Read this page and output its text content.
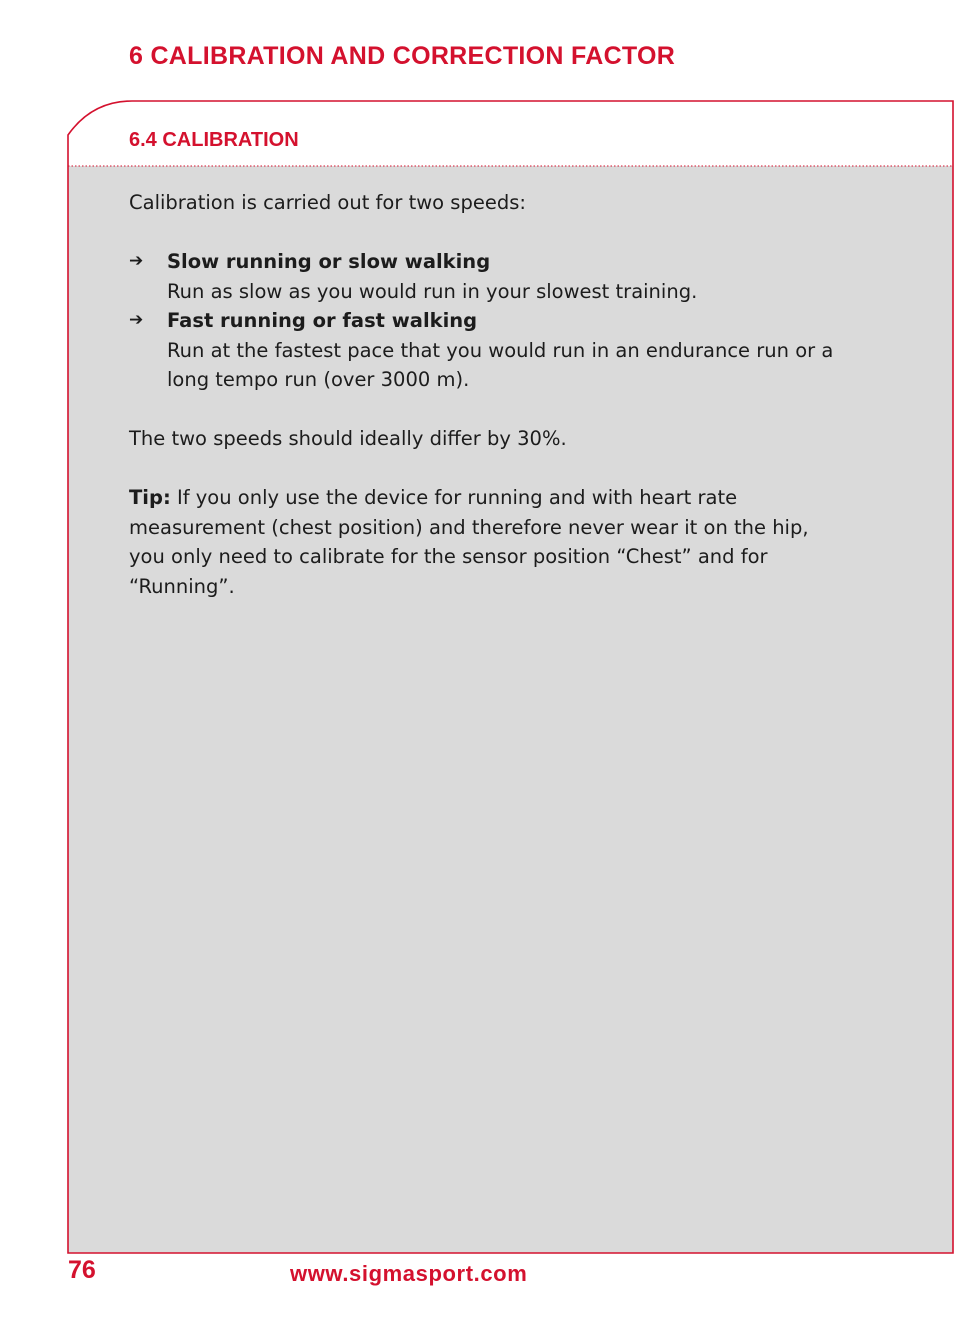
6 CALIBRATION AND CORRECTION FACTOR
6.4 CALIBRATION

Calibration is carried out for two speeds:

➔ Slow running or slow walking
Run as slow as you would run in your slowest training.
➔ Fast running or fast walking
Run at the fastest pace that you would run in an endurance run or a long tempo run (over 3000 m).

The two speeds should ideally differ by 30%.

Tip: If you only use the device for running and with heart rate measurement (chest position) and therefore never wear it on the hip, you only need to calibrate for the sensor position “Chest” and for “Running”.

76	www.sigmasport.com
